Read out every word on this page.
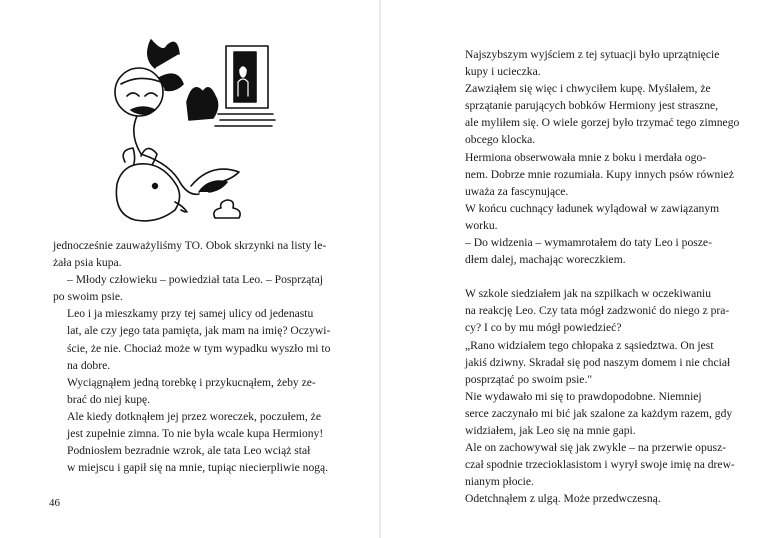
jednocześnie zauważyliśmy TO. Obok skrzynki na listy le-
żała psia kupa.

– Młody człowieku – powiedział tata Leo. – Posprzątaj
po swoim psie.

Leo i ja mieszkamy przy tej samej ulicy od jedenastu
lat, ale czy jego tata pamięta, jak mam na imię? Oczywi-
ście, że nie. Chociaż może w tym wypadku wyszło mi to
na dobre.

Wyciągnąłem jedną torebkę i przykucnąłem, żeby ze-
brać do niej kupę.

Ale kiedy dotknąłem jej przez woreczek, poczułem, że
jest zupełnie zimna. To nie była wcale kupa Hermiony!

Podniosłem bezradnie wzrok, ale tata Leo wciąż stał
w miejscu i gapił się na mnie, tupiąc niecierpliwie nogą.

46

Najszybszym wyjściem z tej sytuacji było uprzątnięcie
kupy i ucieczka.

Zawziąłem się więc i chwyciłem kupę. Myślałem, że
sprzątanie parujących bobków Hermiony jest straszne,
ale myliłem się. O wiele gorzej było trzymać tego zimnego
obcego klocka.

Hermiona obserwowała mnie z boku i merdała ogo-
nem. Dobrze mnie rozumiała. Kupy innych psów również
uważa za fascynujące.

W końcu cuchnący ładunek wylądował w zawiązanym
worku.

– Do widzenia – wymamrotałem do taty Leo i posze-
dłem dalej, machając woreczkiem.

W szkole siedziałem jak na szpilkach w oczekiwaniu
na reakcję Leo. Czy tata mógł zadzwonić do niego z pra-
cy? I co by mu mógł powiedzieć?

„Rano widziałem tego chłopaka z sąsiedztwa. On jest
jakiś dziwny. Skradał się pod naszym domem i nie chciał
posprzątać po swoim psie."

Nie wydawało mi się to prawdopodobne. Niemniej
serce zaczynało mi bić jak szalone za każdym razem, gdy
widziałem, jak Leo się na mnie gapi.

Ale on zachowywał się jak zwykle – na przerwie opusz-
czał spodnie trzecioklasistom i wyrył swoje imię na drew-
nianym płocie.

Odetchnąłem z ulgą. Może przedwczesną.
